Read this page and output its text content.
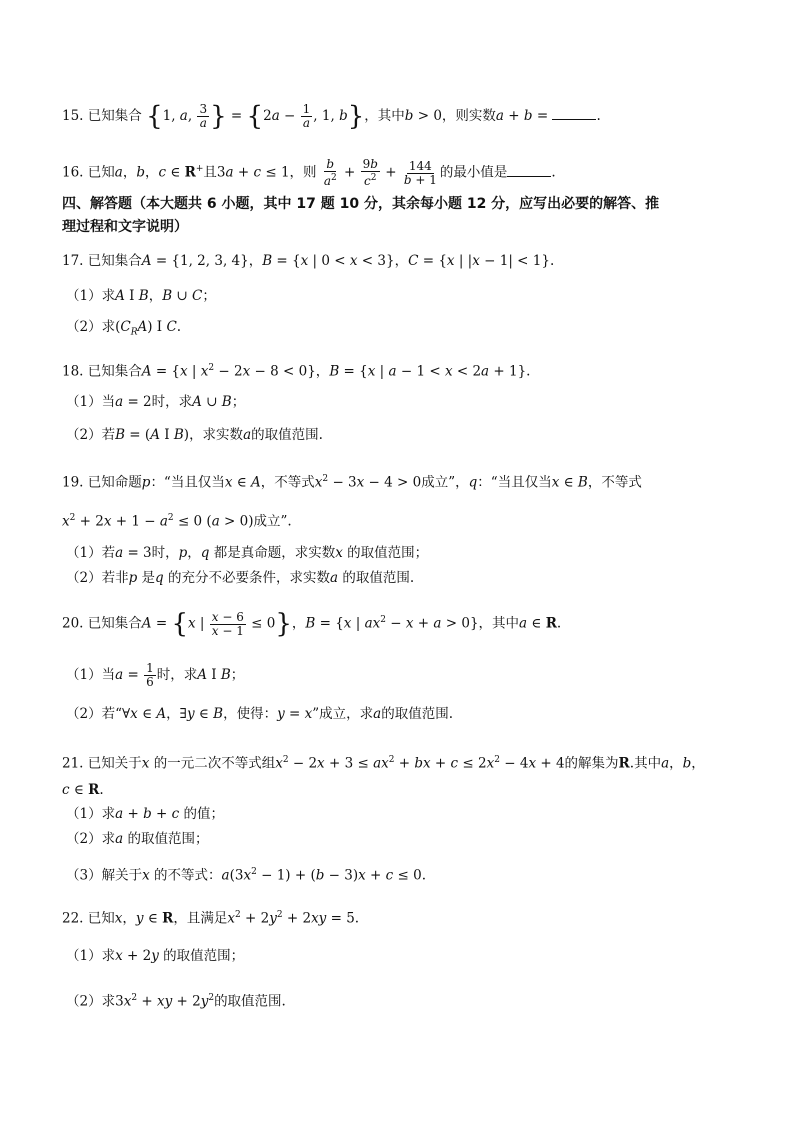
15. 已知集合 {1, a, $\frac{3}{a}$ } = {$2a - \frac{1}{a}$ , 1, b}，其中b > 0，则实数a + b =	.
16. 已知a，b，c ∈ R+且3a + c ≤ 1，则 $\frac{b}{a^2} + \frac{9b}{c^2} + \frac{144}{b + 1}$ 的最小值是	.
四、解答题（本大题共 6 小题，其中 17 题 10 分，其余每小题 12 分，应写出必要的解答、推
理过程和文字说明）
17. 已知集合A = {1, 2, 3, 4}，B = {x | 0 < x < 3}，C = {x | |x − 1| < 1}.
（1）求A I B，B ∪ C；
（2）求$(C_RA)$ I C.
18. 已知集合A = {x | $x^2 - 2x - 8 < 0$}，B = {x | a − 1 < x < 2a + 1}.
（1）当a = 2时，求A ∪ B；
（2）若B = (A I B)，求实数a的取值范围.
19. 已知命题p：“当且仅当x ∈ A，不等式$x^2 - 3x - 4 > 0$成立”，q：“当且仅当x ∈ B，不等式
$x^2 + 2x + 1 - a^2 \le 0$ (a > 0)成立”.
（1）若a = 3时，p，q 都是真命题，求实数x 的取值范围；
（2）若非p 是q 的充分不必要条件，求实数a 的取值范围.
20. 已知集合A = {x | $\frac{x - 6}{x - 1} \le 0$}，B = {x | $ax^2 - x + a > 0$}，其中a ∈ R.
（1）当$a = \frac{1}{6}$ 时，求A I B；
（2）若“∀x ∈ A，∃y ∈ B，使得：y = x”成立，求a的取值范围.
21. 已知关于x 的一元二次不等式组$x^2 - 2x + 3 \le ax^2$ + bx + $c \le 2x^2 - 4x + 4$的解集为R.其中a，b，
c ∈ R.
（1）求a + b + c 的值；
（2）求a 的取值范围；
（3）解关于x 的不等式：$a(3x^2 - 1) + (b - 3)x + c \le 0$.
22. 已知x，y ∈ R，且满足$x^2 + 2y^2 + 2xy = 5$.
（1）求x + 2y 的取值范围；
（2）求$3x^2$ + xy + $2y^2$的取值范围.
